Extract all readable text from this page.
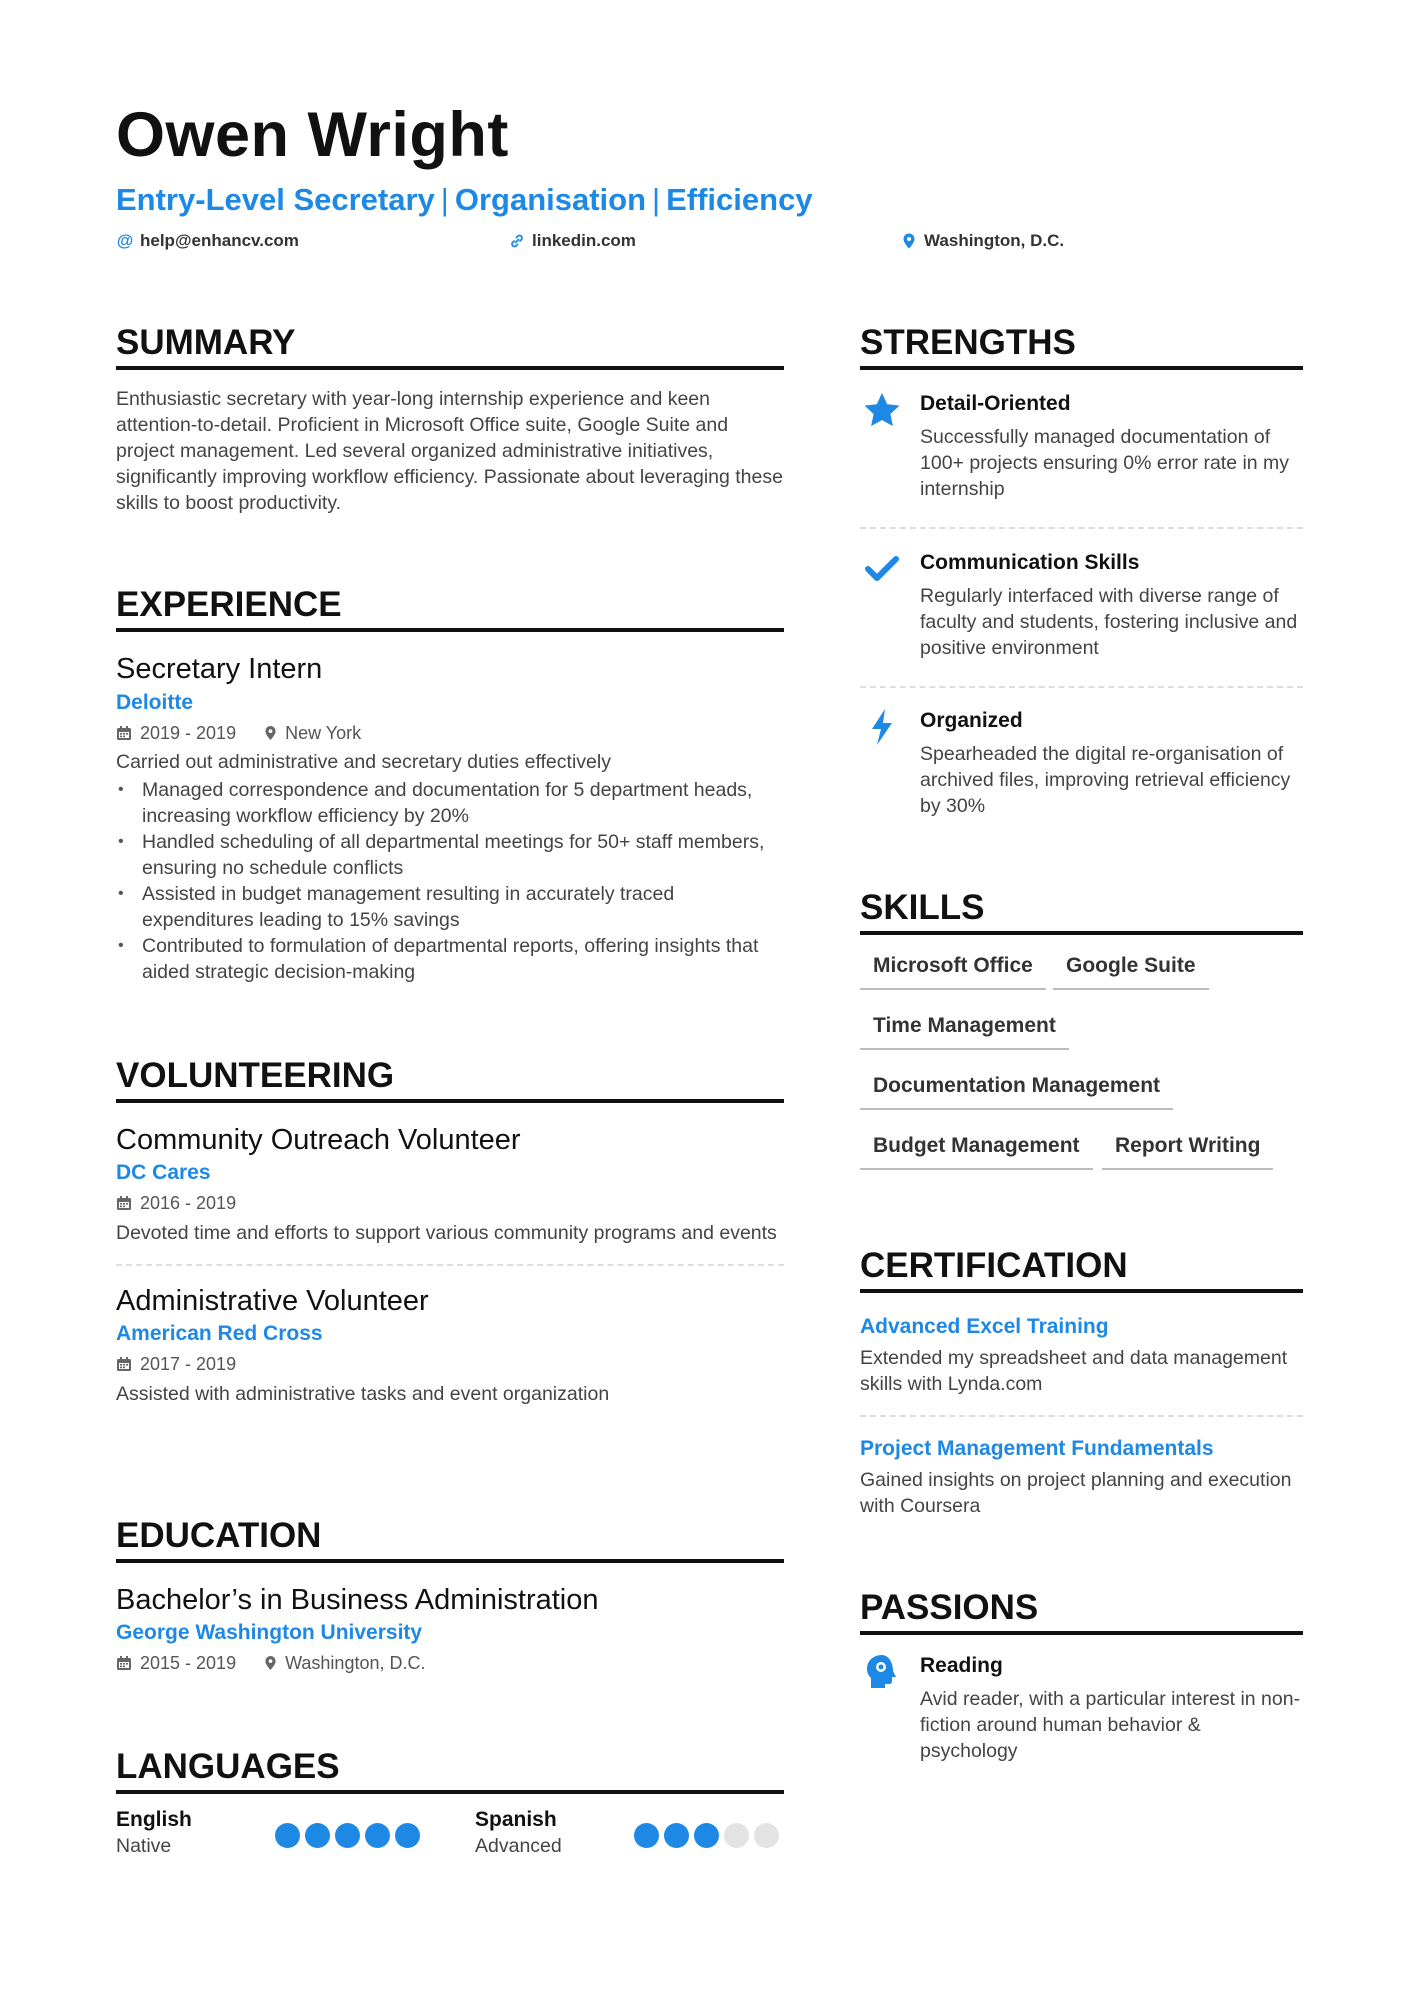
Owen Wright
Entry-Level Secretary | Organisation | Efficiency
@ help@enhancv.com	linkedin.com	Washington, D.C.
SUMMARY
Enthusiastic secretary with year-long internship experience and keen attention-to-detail. Proficient in Microsoft Office suite, Google Suite and project management. Led several organized administrative initiatives, significantly improving workflow efficiency. Passionate about leveraging these skills to boost productivity.
EXPERIENCE
Secretary Intern
Deloitte
2019 - 2019	New York
Carried out administrative and secretary duties effectively
• Managed correspondence and documentation for 5 department heads, increasing workflow efficiency by 20%
• Handled scheduling of all departmental meetings for 50+ staff members, ensuring no schedule conflicts
• Assisted in budget management resulting in accurately traced expenditures leading to 15% savings
• Contributed to formulation of departmental reports, offering insights that aided strategic decision-making
VOLUNTEERING
Community Outreach Volunteer
DC Cares
2016 - 2019
Devoted time and efforts to support various community programs and events
Administrative Volunteer
American Red Cross
2017 - 2019
Assisted with administrative tasks and event organization
EDUCATION
Bachelor’s in Business Administration
George Washington University
2015 - 2019	Washington, D.C.
LANGUAGES
English
Native
Spanish
Advanced
STRENGTHS
Detail-Oriented
Successfully managed documentation of 100+ projects ensuring 0% error rate in my internship
Communication Skills
Regularly interfaced with diverse range of faculty and students, fostering inclusive and positive environment
Organized
Spearheaded the digital re-organisation of archived files, improving retrieval efficiency by 30%
SKILLS
Microsoft Office	Google Suite
Time Management
Documentation Management
Budget Management	Report Writing
CERTIFICATION
Advanced Excel Training
Extended my spreadsheet and data management skills with Lynda.com
Project Management Fundamentals
Gained insights on project planning and execution with Coursera
PASSIONS
Reading
Avid reader, with a particular interest in non-fiction around human behavior & psychology
